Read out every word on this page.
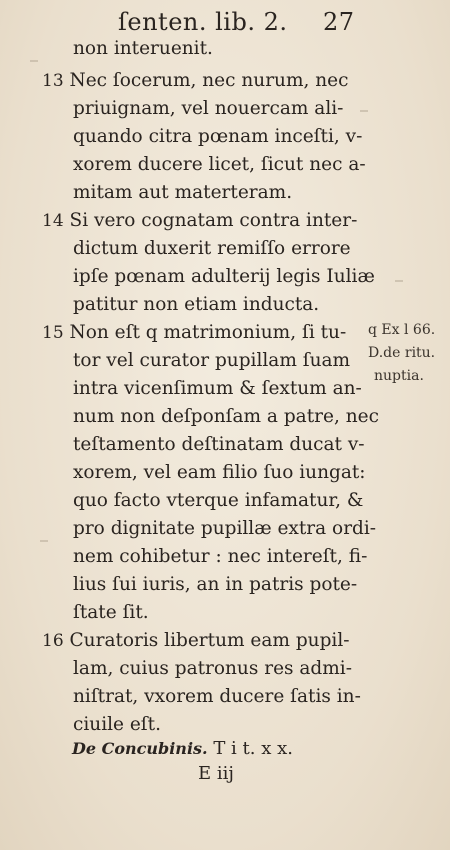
ſenten. lib. 2. 27
non interuenit.
13 Nec ſocerum, nec nurum, nec
priuignam, vel nouercam ali-
quando citra pœnam inceſti, v-
xorem ducere licet, ſicut nec a-
mitam aut materteram.
14 Si vero cognatam contra inter-
dictum duxerit remiſſo errore
ipſe pœnam adulterij legis Iuliæ
patitur non etiam inducta.
15 Non eſt q matrimonium, ſi tu-
tor vel curator pupillam ſuam
intra vicenſimum & ſextum an-
num non deſponſam a patre, nec
teſtamento deſtinatam ducat v-
xorem, vel eam filio ſuo iungat:
quo facto vterque infamatur, &
pro dignitate pupillæ extra ordi-
nem cohibetur : nec intereſt, fi-
lius ſui iuris, an in patris pote-
ſtate ſit.
16 Curatoris libertum eam pupil-
lam, cuius patronus res admi-
niſtrat, vxorem ducere ſatis in-
ciuile eſt.
q Ex l 66.
D.de ritu.
nuptia.
De Concubinis. T i t. x x.
E iij
